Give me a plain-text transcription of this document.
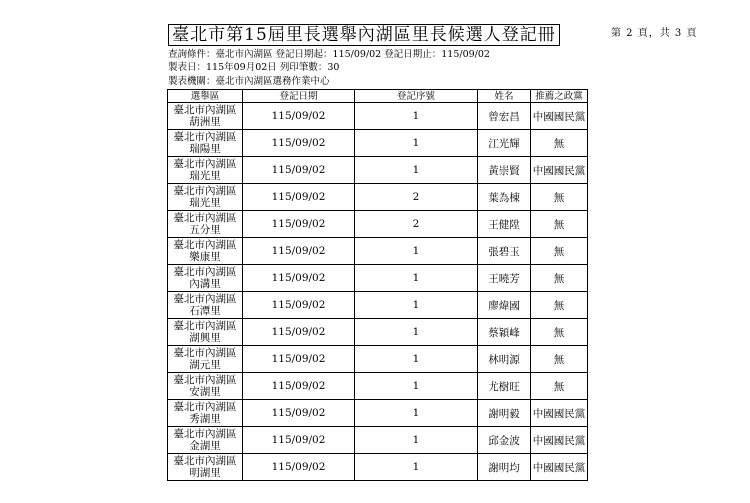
臺北市第15屆里長選舉內湖區里長候選人登記冊	第 2 頁，共 3 頁
查詢條件：臺北市內湖區 登記日期起：115/09/02 登記日期止：115/09/02
製表日：115年09月02日 列印筆數：30
製表機關：臺北市內湖區選務作業中心
選舉區	登記日期	登記序號	姓名	推薦之政黨

臺北市內湖區
葫洲里	115/09/02	1	曾宏昌	中國國民黨

臺北市內湖區
瑞陽里	115/09/02	1	江光輝	無

臺北市內湖區
瑞光里	115/09/02	1	黃崇賢	中國國民黨

臺北市內湖區
瑞光里	115/09/02	2	葉為棟	無

臺北市內湖區
五分里	115/09/02	2	王健陞	無

臺北市內湖區
樂康里	115/09/02	1	張碧玉	無

臺北市內湖區
內溝里	115/09/02	1	王曉芳	無

臺北市內湖區
石潭里	115/09/02	1	廖煒國	無

臺北市內湖區
湖興里	115/09/02	1	蔡穎峰	無

臺北市內湖區
湖元里	115/09/02	1	林明源	無

臺北市內湖區
安湖里	115/09/02	1	尤樹旺	無

臺北市內湖區
秀湖里	115/09/02	1	謝明毅	中國國民黨

臺北市內湖區
金湖里	115/09/02	1	邱金波	中國國民黨

臺北市內湖區
明湖里	115/09/02	1	謝明均	中國國民黨
